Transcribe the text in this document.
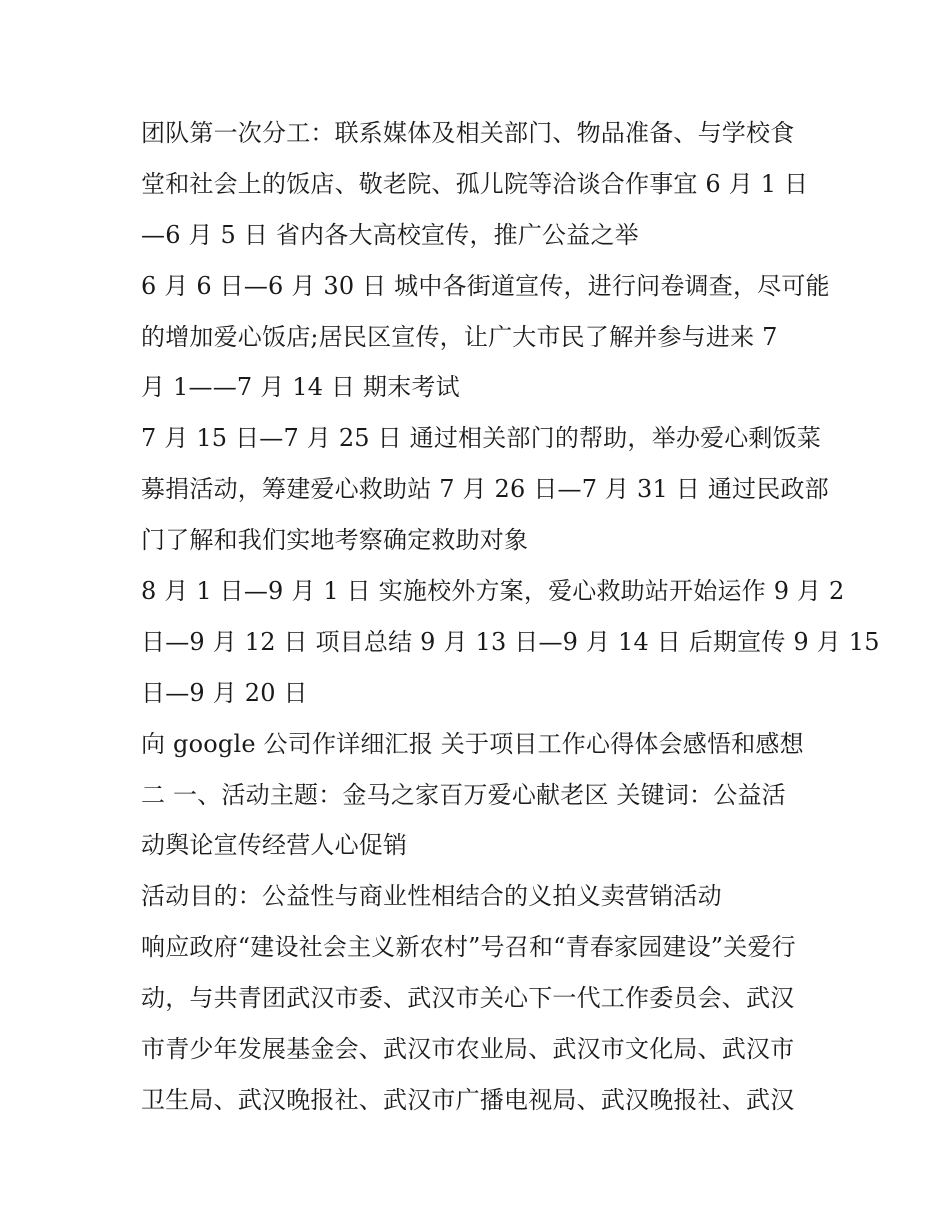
团队第一次分工：联系媒体及相关部门、物品准备、与学校食
堂和社会上的饭店、敬老院、孤儿院等洽谈合作事宜 6 月 1 日
—6 月 5 日 省内各大高校宣传，推广公益之举
6 月 6 日—6 月 30 日 城中各街道宣传，进行问卷调查，尽可能
的增加爱心饭店;居民区宣传，让广大市民了解并参与进来 7
月 1——7 月 14 日 期末考试
7 月 15 日—7 月 25 日 通过相关部门的帮助，举办爱心剩饭菜
募捐活动，筹建爱心救助站 7 月 26 日—7 月 31 日 通过民政部
门了解和我们实地考察确定救助对象
8 月 1 日—9 月 1 日 实施校外方案，爱心救助站开始运作 9 月 2
日—9 月 12 日 项目总结 9 月 13 日—9 月 14 日 后期宣传 9 月 15
日—9 月 20 日
向 google 公司作详细汇报 关于项目工作心得体会感悟和感想
二 一、活动主题：金马之家百万爱心献老区 关键词：公益活
动舆论宣传经营人心促销
活动目的：公益性与商业性相结合的义拍义卖营销活动
响应政府“建设社会主义新农村”号召和“青春家园建设”关爱行
动，与共青团武汉市委、武汉市关心下一代工作委员会、武汉
市青少年发展基金会、武汉市农业局、武汉市文化局、武汉市
卫生局、武汉晚报社、武汉市广播电视局、武汉晚报社、武汉
